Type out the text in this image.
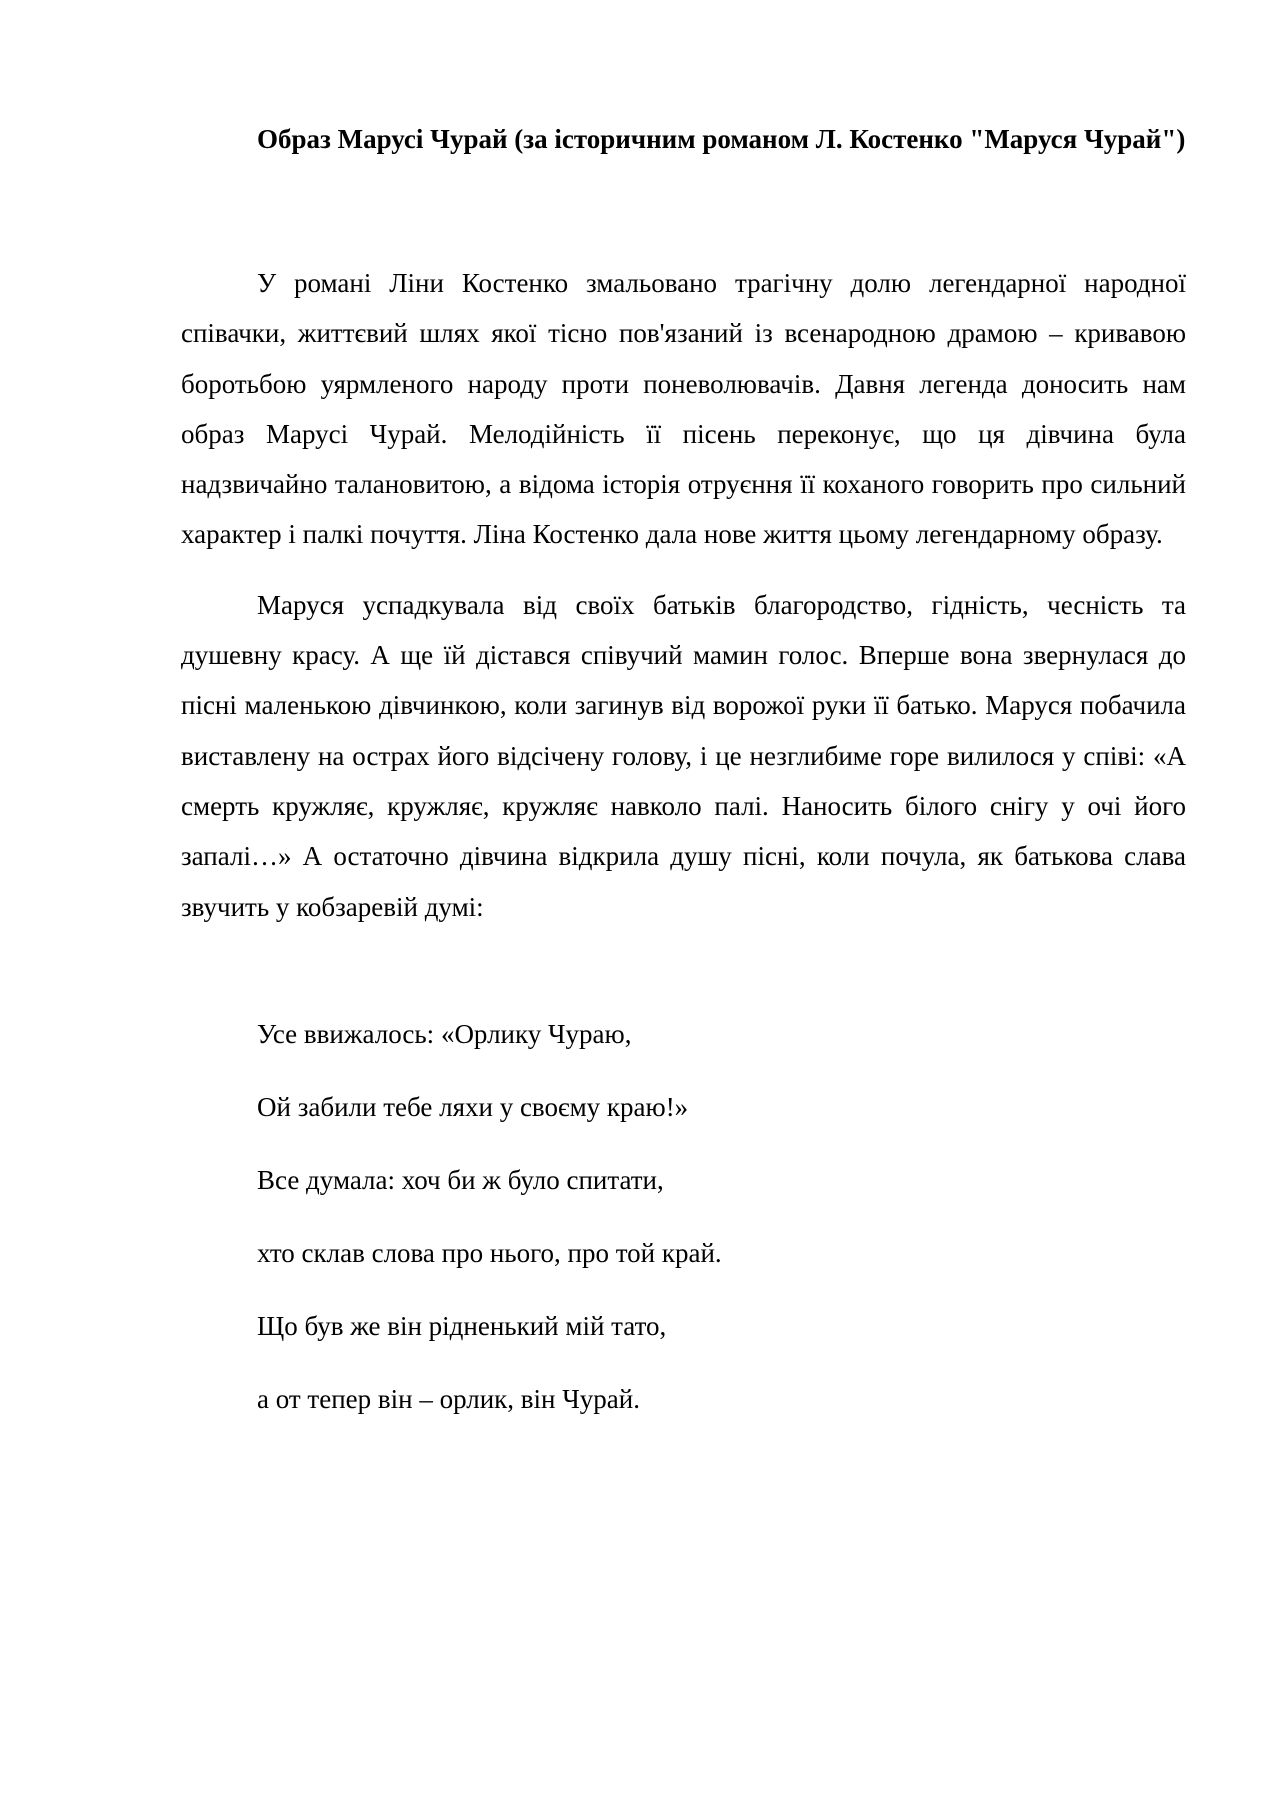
Образ Марусі Чурай (за історичним романом Л. Костенко "Маруся Чурай")

У романі Ліни Костенко змальовано трагічну долю легендарної народної співачки, життєвий шлях якої тісно пов'язаний із всенародною драмою – кривавою боротьбою уярмленого народу проти поневолювачів. Давня легенда доносить нам образ Марусі Чурай. Мелодійність її пісень переконує, що ця дівчина була надзвичайно талановитою, а відома історія отруєння її коханого говорить про сильний характер і палкі почуття. Ліна Костенко дала нове життя цьому легендарному образу.

Маруся успадкувала від своїх батьків благородство, гідність, чесність та душевну красу. А ще їй дістався співучий мамин голос. Вперше вона звернулася до пісні маленькою дівчинкою, коли загинув від ворожої руки її батько. Маруся побачила виставлену на острах його відсічену голову, і це незглибиме горе вилилося у співі: «А смерть кружляє, кружляє, кружляє навколо палі. Наносить білого снігу у очі його запалі…» А остаточно дівчина відкрила душу пісні, коли почула, як батькова слава звучить у кобзаревій думі:

Усе ввижалось: «Орлику Чураю,

Ой забили тебе ляхи у своєму краю!»

Все думала: хоч би ж було спитати,

хто склав слова про нього, про той край.

Що був же він рідненький мій тато,

а от тепер він – орлик, він Чурай.
